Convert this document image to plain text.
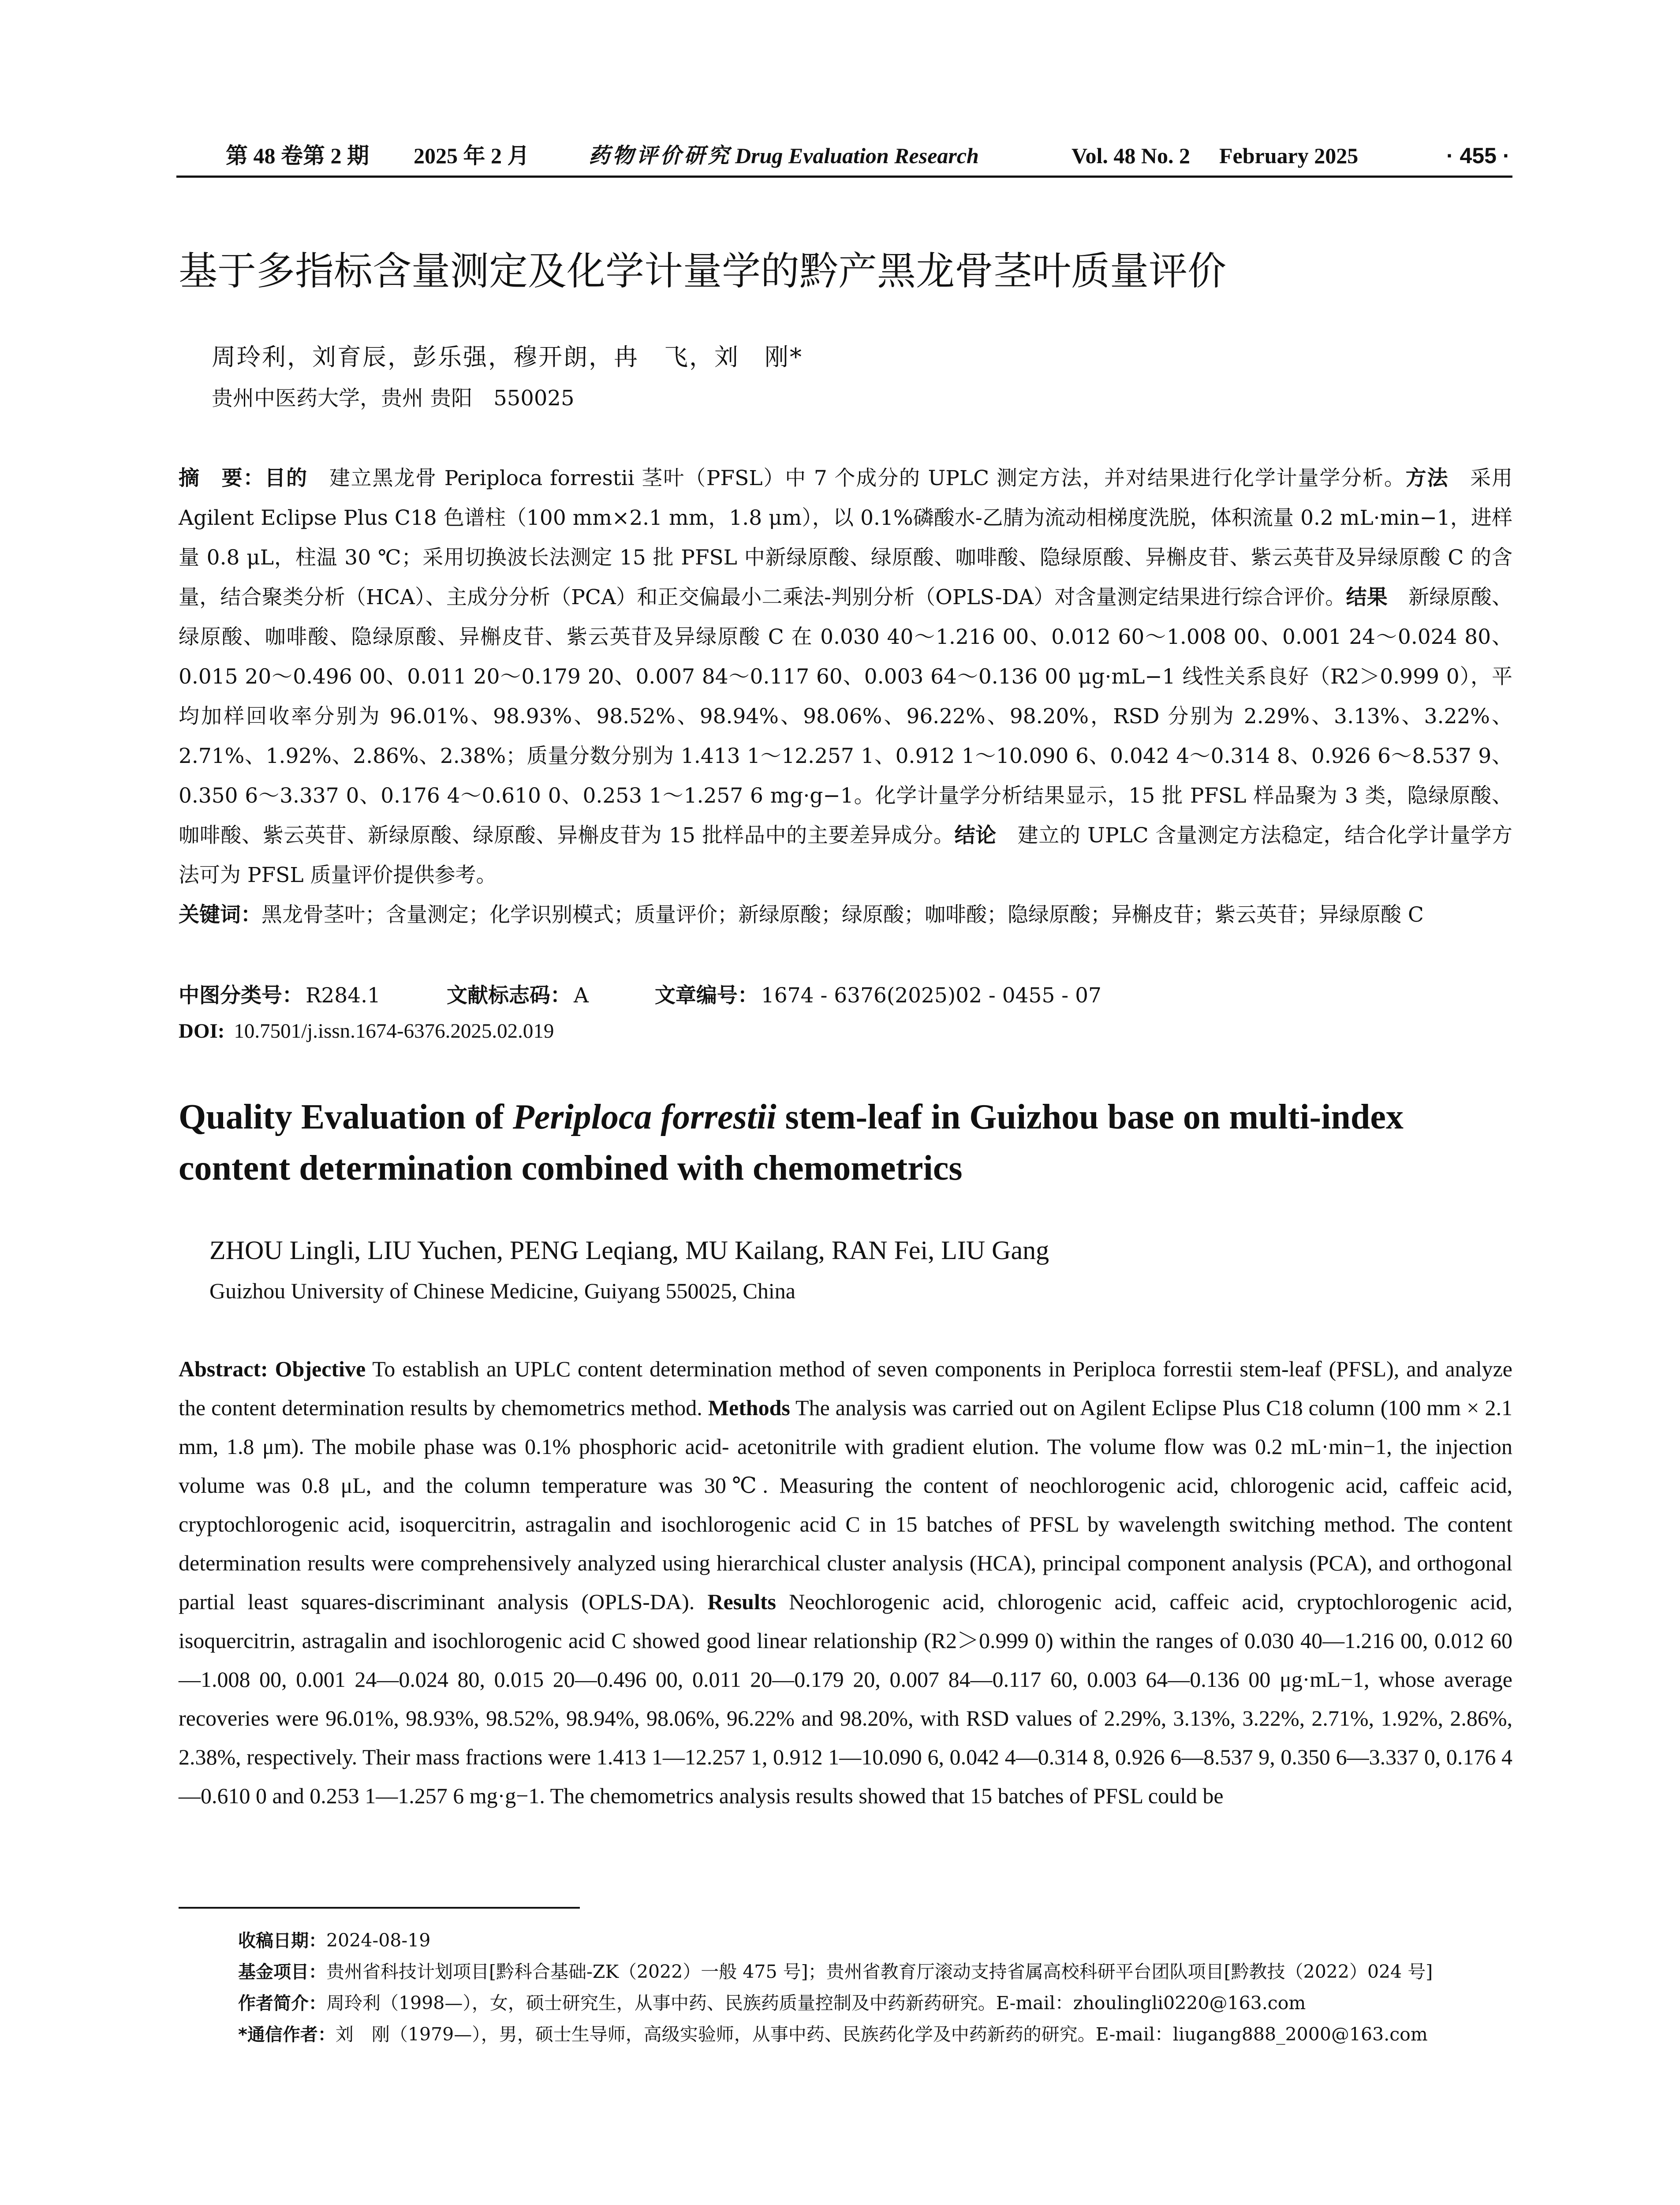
第 48 卷第 2 期 2025 年 2 月	药物评价研究 Drug Evaluation Research	Vol. 48 No. 2 February 2025	· 455 ·
基于多指标含量测定及化学计量学的黔产黑龙骨茎叶质量评价
周玲利，刘育辰，彭乐强，穆开朗，冉　飞，刘　刚*
贵州中医药大学，贵州 贵阳　550025
摘　要：目的　建立黑龙骨 Periploca forrestii 茎叶（PFSL）中 7 个成分的 UPLC 测定方法，并对结果进行化学计量学分析。方法　采用 Agilent Eclipse Plus C18 色谱柱（100 mm×2.1 mm，1.8 μm），以 0.1%磷酸水-乙腈为流动相梯度洗脱，体积流量 0.2 mL·min−1，进样量 0.8 μL，柱温 30 ℃；采用切换波长法测定 15 批 PFSL 中新绿原酸、绿原酸、咖啡酸、隐绿原酸、异槲皮苷、紫云英苷及异绿原酸 C 的含量，结合聚类分析（HCA）、主成分分析（PCA）和正交偏最小二乘法-判别分析（OPLS-DA）对含量测定结果进行综合评价。结果　新绿原酸、绿原酸、咖啡酸、隐绿原酸、异槲皮苷、紫云英苷及异绿原酸 C 在 0.030 40～1.216 00、0.012 60～1.008 00、0.001 24～0.024 80、0.015 20～0.496 00、0.011 20～0.179 20、0.007 84～0.117 60、0.003 64～0.136 00 μg·mL−1 线性关系良好（R2＞0.999 0），平均加样回收率分别为 96.01%、98.93%、98.52%、98.94%、98.06%、96.22%、98.20%，RSD 分别为 2.29%、3.13%、3.22%、2.71%、1.92%、2.86%、2.38%；质量分数分别为 1.413 1～12.257 1、0.912 1～10.090 6、0.042 4～0.314 8、0.926 6～8.537 9、0.350 6～3.337 0、0.176 4～0.610 0、0.253 1～1.257 6 mg·g−1。化学计量学分析结果显示，15 批 PFSL 样品聚为 3 类，隐绿原酸、咖啡酸、紫云英苷、新绿原酸、绿原酸、异槲皮苷为 15 批样品中的主要差异成分。结论　建立的 UPLC 含量测定方法稳定，结合化学计量学方法可为 PFSL 质量评价提供参考。
关键词：黑龙骨茎叶；含量测定；化学识别模式；质量评价；新绿原酸；绿原酸；咖啡酸；隐绿原酸；异槲皮苷；紫云英苷；异绿原酸 C
中图分类号： R284.1	文献标志码： A	文章编号： 1674 - 6376(2025)02 - 0455 - 07
DOI: 10.7501/j.issn.1674-6376.2025.02.019
Quality Evaluation of Periploca forrestii stem-leaf in Guizhou base on multi-index content determination combined with chemometrics
ZHOU Lingli, LIU Yuchen, PENG Leqiang, MU Kailang, RAN Fei, LIU Gang
Guizhou University of Chinese Medicine, Guiyang 550025, China
Abstract: Objective To establish an UPLC content determination method of seven components in Periploca forrestii stem-leaf (PFSL), and analyze the content determination results by chemometrics method. Methods The analysis was carried out on Agilent Eclipse Plus C18 column (100 mm × 2.1 mm, 1.8 μm). The mobile phase was 0.1% phosphoric acid- acetonitrile with gradient elution. The volume flow was 0.2 mL·min−1, the injection volume was 0.8 μL, and the column temperature was 30℃. Measuring the content of neochlorogenic acid, chlorogenic acid, caffeic acid, cryptochlorogenic acid, isoquercitrin, astragalin and isochlorogenic acid C in 15 batches of PFSL by wavelength switching method. The content determination results were comprehensively analyzed using hierarchical cluster analysis (HCA), principal component analysis (PCA), and orthogonal partial least squares-discriminant analysis (OPLS-DA). Results Neochlorogenic acid, chlorogenic acid, caffeic acid, cryptochlorogenic acid, isoquercitrin, astragalin and isochlorogenic acid C showed good linear relationship (R2＞0.999 0) within the ranges of 0.030 40—1.216 00, 0.012 60—1.008 00, 0.001 24—0.024 80, 0.015 20—0.496 00, 0.011 20—0.179 20, 0.007 84—0.117 60, 0.003 64—0.136 00 μg·mL−1, whose average recoveries were 96.01%, 98.93%, 98.52%, 98.94%, 98.06%, 96.22% and 98.20%, with RSD values of 2.29%, 3.13%, 3.22%, 2.71%, 1.92%, 2.86%, 2.38%, respectively. Their mass fractions were 1.413 1—12.257 1, 0.912 1—10.090 6, 0.042 4—0.314 8, 0.926 6—8.537 9, 0.350 6—3.337 0, 0.176 4—0.610 0 and 0.253 1—1.257 6 mg·g−1. The chemometrics analysis results showed that 15 batches of PFSL could be
收稿日期：2024-08-19
基金项目：贵州省科技计划项目[黔科合基础-ZK（2022）一般 475 号]；贵州省教育厅滚动支持省属高校科研平台团队项目[黔教技（2022）024 号]
作者简介：周玲利（1998—），女，硕士研究生，从事中药、民族药质量控制及中药新药研究。E-mail：zhoulingli0220@163.com
*通信作者：刘　刚（1979—），男，硕士生导师，高级实验师，从事中药、民族药化学及中药新药的研究。E-mail：liugang888_2000@163.com
